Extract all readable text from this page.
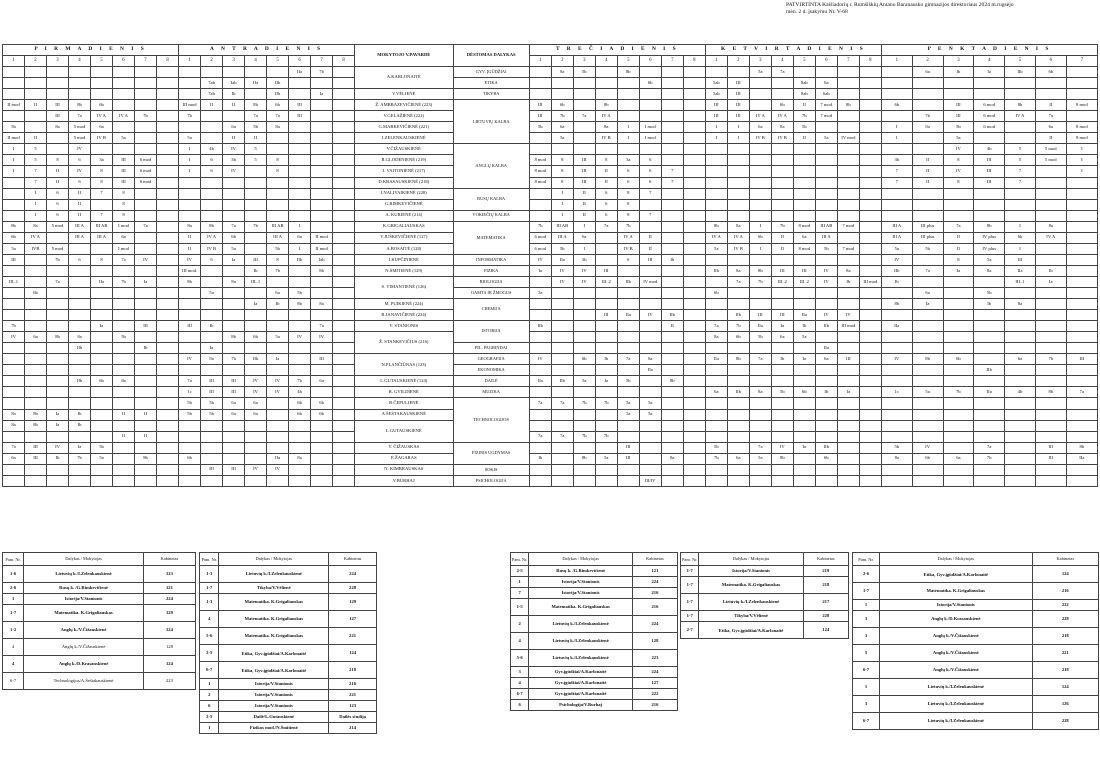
PATVIRTINTA Kaišiadorių r. Rumšiškių Antano Baranausko gimnazijos direktoriaus 2024 m.rugsėjo
mėn. 2 d. įsakymu Nr. V-68
P I R M A D I E N I S								A N T R A D I E N I S								MOKYTOJO V.PAVARDĖ	DĖSTOMAS DALYKAS	T R E Č I A D I E N I S								K E T V I R T A D I E N I S								P E N K T A D I E N I S						
1	2	3	4	5	6	7	8	1	2	3	4	5	6	7	8			1	2	3	4	5	6	7	8	1	2	3	4	5	6	7	8	1	2	3	4	5	6	7
													IIa	7b		A.KARLONAITĖ	GYV. ĮGŪDŽIAI		8a	5b		8b						5a	7a						6a	Ib	Ia	IIb	6b	
									7ab	Iab	IIa	IIb					ETIKA						6b			5ab	III			8ab	6a									
									7ab	Ib		IIb		Ia		V.VĖLIENĖ	TIKYBA									5ab	III			8ab	6ab									
II mod	II	III	8b	6b				III mod	II	II	8b	6b	III			Ž. AMBRAZEVIČIENĖ (223)	LIETUVIŲ KALBA	III	6b		8b					III	III		6b	II	7 mod	8b		6b		III	6 mod	8b	II	8 mod
		III	7a	IV A	IV A	7b		7b			7a	7a	III			V.GELAŽIENĖ (222)		III	7b	7a	IV A					III	III	IV A	IV A	7b	7 mod				7b	III	6 mod	IV A	7a	
5b		8a	5 mod	6a						6a	5b	8a				G.MARKEVIČIENĖ (221)		5b	6a		8a	I	I mod			I	I	6a	8a	5b				I	8a	5b	6 mod		6a	8 mod
II mod	II		5 mod	IV B	5a			5a		II	II					I.ZELENKAUSKIENĖ			5a		IV B	I	I mod			I	I	IV B	IV B	II	5a	IV mod		I		5a			II	8 mod
I	5		IV					I	4b	IV	5					V.ČIŽAUSKIENĖ	ANGLŲ KALBA																			IV	4b	5	5 mod	I
I	5	8	6	3a	III	6 mod		I	6	3b	5	8				R.GLODENIENĖ (219)		8 mod	8	III	8	3a	6											3b	II	8	III	5	5 mod	I
I	7	II	IV	8	III	6 mod		I	6	IV		8				J. VAITONIENĖ (217)		8 mod	8	III	II	6	6	7										7	II	IV	III	7		I
	7	II	6	8	III	6 mod										D.KRASAUSKIENĖ (218)		8 mod	8	III	II	6	6	7										7	II	8	III	7		
	I	6	II	7	8											I.NALIVAIKIENĖ (228)	RUSŲ KALBA		I	II	6	8	7																	
	I	6	II		8											G.RIMKEVIČIENĖ			I	II	6	8																		
	I	6	II	7	8											A. KURIENĖ (214)	VOKIEČIŲ KALBA		I	II	6	8	7																	
8b	8a	5 mod	III A	III AB	I mod	7a		8a	8b	7a	7b	III AB	I			K.GRIGALIAUSKAS	MATEMATIKA	7b	III AB	I	7a	7b				8b	8a	I	7b	8 mod	III AB	7 mod		III A	III plus	7a	8b	I	8a	
6b	IV A		III A	III A	6a			II	IV A	6b		III A	6a	II mod		V.JUŠKEVIČIENĖ (127)		6 mod	III A	6a		IV A	II			IV A	IV A	6b	II	6a	III A			III A	III plus	II	IV plus	6b	IV A	
5a	IVB	5 mod			I mod			II	IV B	5a		5b	I	II mod		A.BOSAITĖ (128)		6 mod	5b	I		IV B	II			5a	IV B	I	II	8 mod	5b	7 mod		5a	5b	II	IV plus	I		
III		7b	6	8	7a	IV		IV	6	Ia	III	8	IIb	Iab		I.KUPČINIENĖ	INFORMATIKA	IV	IIa	5b		6	III	Ib										IV		8	5a	III		
								III mod.			Ib	7b		8b		N.ŠMITIENĖ (129)	FIZIKA	Ia	IV	IV	III					IIb	8a	8b	III	III	IV	8a		IIb	7a	Ia	8a	IIa	Ib	
III..1		7a		IIa	7b	Ia		8b		8a	III..1					S. VIMANTIENĖ (126)	BIOLOGIJA		IV	IV	III..2	IIb	IV mod				7a	7b	III..2	III..2	IV	Ib	III mod	Ib				III..1	Ia	
	6b								5a			6a	5b				GAMTA IR ŽMOGUS	5a								6b									6a		5b			
											Ia	Ib	8b	8a		M. PUIKIENĖ (224)	CHEMIJA																	8b	Ia		Ib	8a		
																R.JANAVIČIENĖ (224)					III	IIa	IV	IIb			IIb	III	III	IIa	IV	IV								
7b				Ia		III		III	Ib					7a		V. STANIONIS	ISTORIJA	IIb						II		7a	7b	IIa	Ia	Ib	IIb	III mod		IIa						
IV	6a	8b	8a		5b					8b	6b	5a	IV	IV		Ž. STANKEVIČIUS (216)										8a	6b	5b	6a	5a										
			IIb			Ib			Ia								PIL. PAGRINDAI														IIa									
								IV	8a	7b	IIb	Ia		III		N.PLANČIŪNAS (123)	GEOGRAFIJA	IV		6b	Ib	7a	8a			IIa	8b	7a	Ib	Ia	6a	III		IV	8b	6b		6a	7b	III
																	EKONOMIKA						IIa														IIb			
			IIb	6b	8a			7a	III	III	IV	IV	7b	6a		L.GUTAUSKIENĖ (124)	DAILĖ	IIa	IIb	5a	Ia	5b		8b																
								1c	III	III	IV	IV	4b			R. GVILDIENĖ	MUZIKA									6a	IIb	8a	5b	6b	Ib	Ia		1c	5a	7b	IIa	4b	8b	7a
								5b	5b	6a	6a		6b	6b		R.ČEPULIENĖ	TECHNOLOGIJOS	7a	7a	7b	7b	5a	5a																	
8a	8b	Ia	Ib		II	II		5b	5b	6a	6a		6b	6b		A.ŠEŠTAKAUSKIENĖ						5a	5a																	
8a	8b	Ia	Ib													L.GUTAUSKIENĖ																								
					II	II												7a	7a	7b	7b																			
7a	III	IV	Ia	5b												V. ČIŽAUSKAS	FIZINIS UGDYMAS					III				5b		7a	IV	Ia	IIb			5b	IV		7a		III	8b
6a	III	Ib	7b	5a		8b		6b				IIa	8a			E.ŽAGARAS		Ib		8b	5a	III		8a		7b	6a	5a	8b		6b			8a	6b	6a	7b		III	IIa
									III	III	IV	IV				N. KIMBRAUSKAS	ŠOKIS																							
																V.BURHAJ	PSICHOLOGIJA						III/IV																	
Pam. Nr.	Dalykas / Mokytojas	Kabinetas
1-6	Lietuvių k./I.Zelenkauskienė	123
2-6	Rusų k. /G.Rimkevičienė	121
1	Istorija/V.Stanionis	224
1-7	Matematika. K.Grigaliauskas	129
1-2	Anglų k./V.Čižauskienė	124
4	Anglų k./V.Čižauskienė	128
4	Anglų k./D.Krasauskienė	124
6-7	Technologijos/A.Šeštakauskienė	223
Pam. Nr.	Dalykas / Mokytojas	Kabinetas
1-3	Lietuvių k./I.Zelenkauskienė	224
1-7	Tikyba/V.Vėlienė	228
1-3	Matematika. K.Grigaliauskas	129
4	Matematika. K.Grigaliauskas	127
5-6	Matematika. K.Grigaliauskas	221
2-5	Etika, Gyv.įgūdžiai/A.Karlonaitė	124
6-7	Etika, Gyv.įgūdžiai/A.Karlonaitė	218
1	Istorija/V.Stanionis	216
2	Istorija/V.Stanionis	221
6	Istorija/V.Stanionis	123
2-5	Dailė/L.Gutauskienė	Dailės studija
1	Fizikos mod./N.Šmitienė	214
Pam. Nr.	Dalykas / Mokytojas	Kabinetas
2-5	Rusų k. /G.Rimkevičienė	121
1	Istorija/V.Stanionis	224
7	Istorija/V.Stanionis	216
1-5	Matematika. K.Grigaliauskas	216
2	Lietuvių k./I.Zelenkauskienė	224
4	Lietuvių k./I.Zelenkauskienė	128
5-6	Lietuvių k./I.Zelenkauskienė	223
3	Gyv.įgūdžiai/A.Karlonaitė	224
4	Gyv.įgūdžiai/A.Karlonaitė	127
6-7	Gyv.įgūdžiai/A.Karlonaitė	222
6	Psichologija/V.Burhaj	216
Pam. Nr.	Dalykas / Mokytojas	Kabinetas
1-7	Istorija/V.Stanionis	219
1-7	Matematika. K.Grigaliauskas	218
1-7	Lietuvių k./I.Zelenkauskienė	217
1-7	Tikyba/V.Vėlienė	228
2-7	Etika, Gyv.įgūdžiai/A.Karlonaitė	124
Pam. Nr.	Dalykas / Mokytojas	Kabinetas
2-6	Etika, Gyv.įgūdžiai/A.Karlonaitė	124
1-7	Matematika. K.Grigaliauskas	216
1	Istorija/V.Stanionis	222
3	Anglų k./D.Krasauskienė	228
3	Anglų k./V.Čižauskienė	218
5	Anglų k./V.Čižauskienė	221
6-7	Anglų k./V.Čižauskienė	218
1	Lietuvių k./I.Zelenkauskienė	124
3	Lietuvių k./I.Zelenkauskienė	126
6-7	Lietuvių k./I.Zelenkauskienė	228
